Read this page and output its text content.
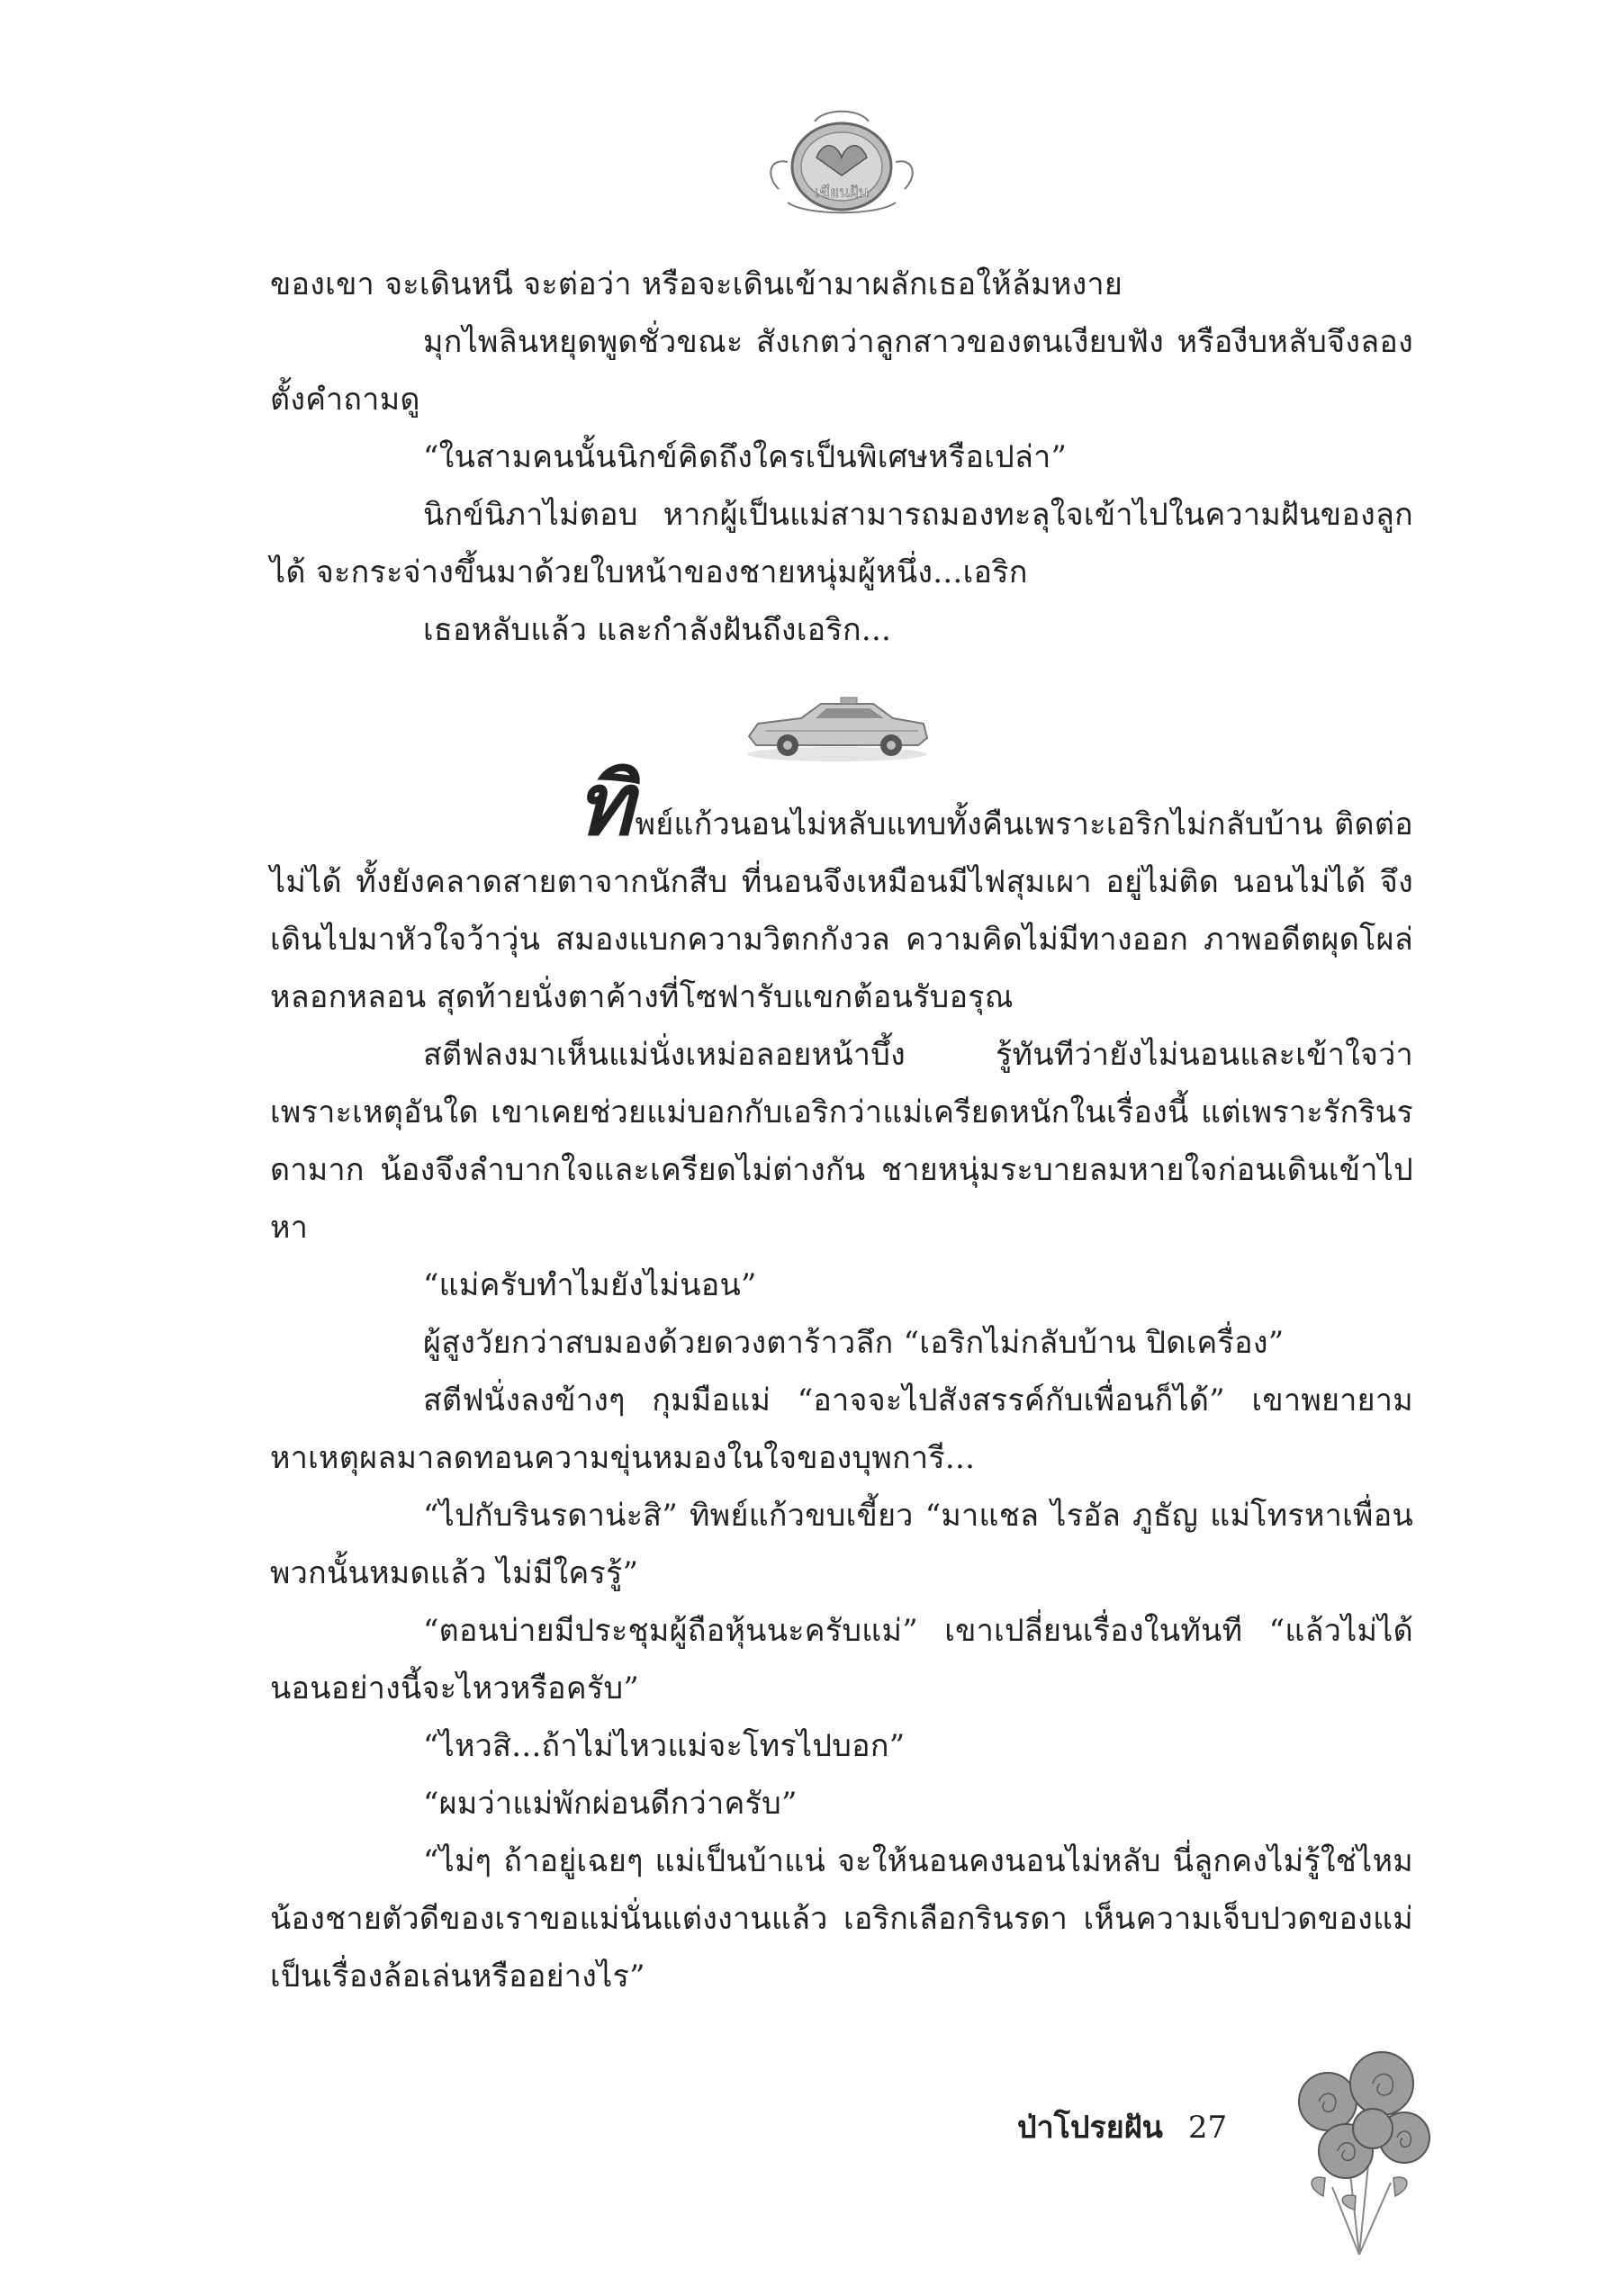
เขียนฝัน

ของเขา จะเดินหนี จะต่อว่า หรือจะเดินเข้ามาผลักเธอให้ล้มหงาย

มุกไพลินหยุดพูดชั่วขณะ สังเกตว่าลูกสาวของตนเงียบฟัง หรืองีบหลับจึงลองตั้งคำถามดู

“ในสามคนนั้นนิกข์คิดถึงใครเป็นพิเศษหรือเปล่า”

นิกข์นิภาไม่ตอบ หากผู้เป็นแม่สามารถมองทะลุใจเข้าไปในความฝันของลูกได้ จะกระจ่างขึ้นมาด้วยใบหน้าของชายหนุ่มผู้หนึ่ง...เอริก

เธอหลับแล้ว และกำลังฝันถึงเอริก...

ทิพย์แก้วนอนไม่หลับแทบทั้งคืนเพราะเอริกไม่กลับบ้าน ติดต่อไม่ได้ ทั้งยังคลาดสายตาจากนักสืบ ที่นอนจึงเหมือนมีไฟสุมเผา อยู่ไม่ติด นอนไม่ได้ จึงเดินไปมาหัวใจว้าวุ่น สมองแบกความวิตกกังวล ความคิดไม่มีทางออก ภาพอดีตผุดโผล่หลอกหลอน สุดท้ายนั่งตาค้างที่โซฟารับแขกต้อนรับอรุณ

สตีฟลงมาเห็นแม่นั่งเหม่อลอยหน้าบึ้ง รู้ทันทีว่ายังไม่นอนและเข้าใจว่าเพราะเหตุอันใด เขาเคยช่วยแม่บอกกับเอริกว่าแม่เครียดหนักในเรื่องนี้ แต่เพราะรักรินรดามาก น้องจึงลำบากใจและเครียดไม่ต่างกัน ชายหนุ่มระบายลมหายใจก่อนเดินเข้าไปหา

“แม่ครับทำไมยังไม่นอน”

ผู้สูงวัยกว่าสบมองด้วยดวงตาร้าวลึก “เอริกไม่กลับบ้าน ปิดเครื่อง”

สตีฟนั่งลงข้างๆ กุมมือแม่ “อาจจะไปสังสรรค์กับเพื่อนก็ได้” เขาพยายามหาเหตุผลมาลดทอนความขุ่นหมองในใจของบุพการี...

“ไปกับรินรดาน่ะสิ” ทิพย์แก้วขบเขี้ยว “มาแชล ไรอัล ภูธัญ แม่โทรหาเพื่อนพวกนั้นหมดแล้ว ไม่มีใครรู้”

“ตอนบ่ายมีประชุมผู้ถือหุ้นนะครับแม่” เขาเปลี่ยนเรื่องในทันที “แล้วไม่ได้นอนอย่างนี้จะไหวหรือครับ”

“ไหวสิ...ถ้าไม่ไหวแม่จะโทรไปบอก”

“ผมว่าแม่พักผ่อนดีกว่าครับ”

“ไม่ๆ ถ้าอยู่เฉยๆ แม่เป็นบ้าแน่ จะให้นอนคงนอนไม่หลับ นี่ลูกคงไม่รู้ใช่ไหม น้องชายตัวดีของเราขอแม่นั่นแต่งงานแล้ว เอริกเลือกรินรดา เห็นความเจ็บปวดของแม่เป็นเรื่องล้อเล่นหรืออย่างไร”

ป่าโปรยฝัน 27
